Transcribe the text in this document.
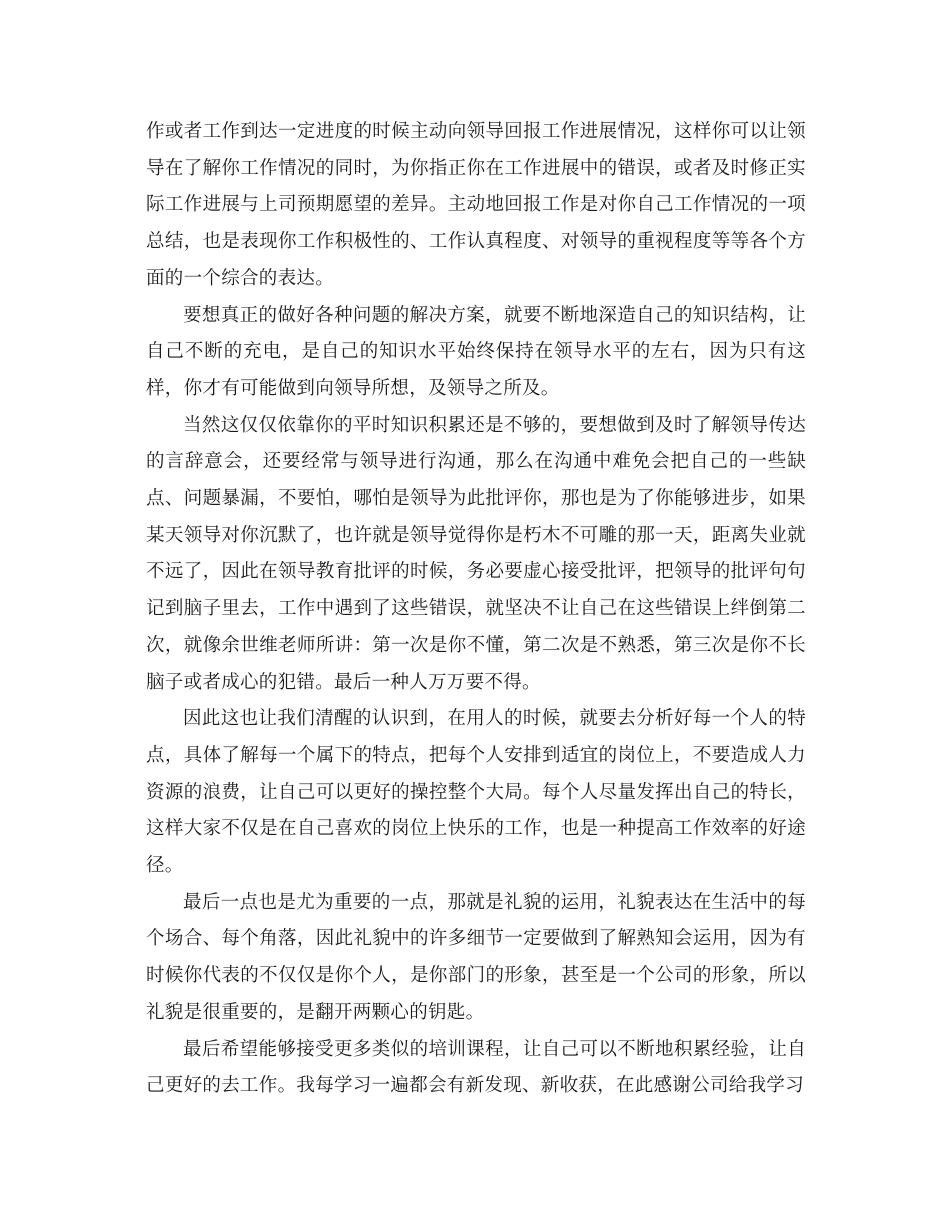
作或者工作到达一定进度的时候主动向领导回报工作进展情况，这样你可以让领导在了解你工作情况的同时，为你指正你在工作进展中的错误，或者及时修正实际工作进展与上司预期愿望的差异。主动地回报工作是对你自己工作情况的一项总结，也是表现你工作积极性的、工作认真程度、对领导的重视程度等等各个方面的一个综合的表达。

要想真正的做好各种问题的解决方案，就要不断地深造自己的知识结构，让自己不断的充电，是自己的知识水平始终保持在领导水平的左右，因为只有这样，你才有可能做到向领导所想，及领导之所及。

当然这仅仅依靠你的平时知识积累还是不够的，要想做到及时了解领导传达的言辞意会，还要经常与领导进行沟通，那么在沟通中难免会把自己的一些缺点、问题暴漏，不要怕，哪怕是领导为此批评你，那也是为了你能够进步，如果某天领导对你沉默了，也许就是领导觉得你是朽木不可雕的那一天，距离失业就不远了，因此在领导教育批评的时候，务必要虚心接受批评，把领导的批评句句记到脑子里去，工作中遇到了这些错误，就坚决不让自己在这些错误上绊倒第二次，就像余世维老师所讲：第一次是你不懂，第二次是不熟悉，第三次是你不长脑子或者成心的犯错。最后一种人万万要不得。

因此这也让我们清醒的认识到，在用人的时候，就要去分析好每一个人的特点，具体了解每一个属下的特点，把每个人安排到适宜的岗位上，不要造成人力资源的浪费，让自己可以更好的操控整个大局。每个人尽量发挥出自己的特长，这样大家不仅是在自己喜欢的岗位上快乐的工作，也是一种提高工作效率的好途径。

最后一点也是尤为重要的一点，那就是礼貌的运用，礼貌表达在生活中的每个场合、每个角落，因此礼貌中的许多细节一定要做到了解熟知会运用，因为有时候你代表的不仅仅是你个人，是你部门的形象，甚至是一个公司的形象，所以礼貌是很重要的，是翻开两颗心的钥匙。

最后希望能够接受更多类似的培训课程，让自己可以不断地积累经验，让自己更好的去工作。我每学习一遍都会有新发现、新收获，在此感谢公司给我学习
